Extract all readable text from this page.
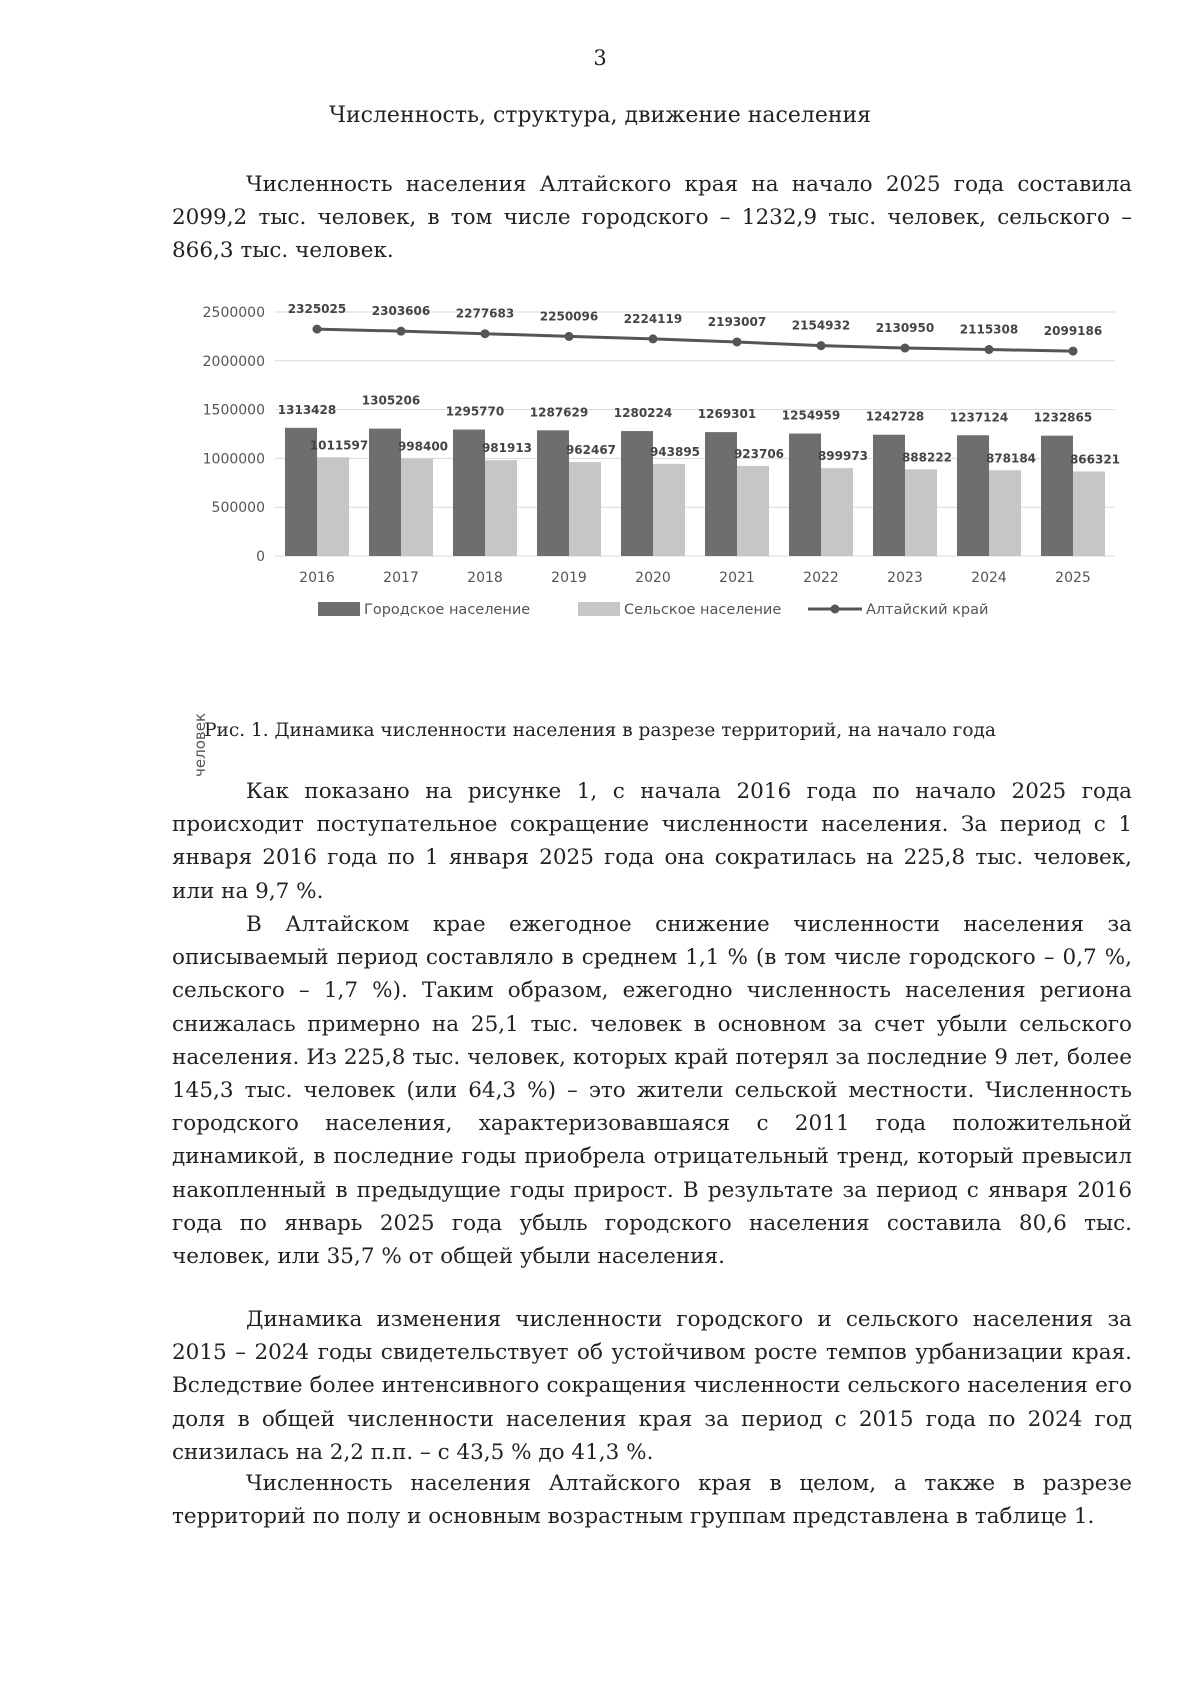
3
Численность, структура, движение населения

Численность населения Алтайского края на начало 2025 года составила 2099,2 тыс. человек, в том числе городского – 1232,9 тыс. человек, сельского – 866,3 тыс. человек.

0
500000
1000000
1500000
2000000
2500000
человек
1313428
1011597
2325025
1305206
998400
2303606
1295770
981913
2277683
1287629
962467
2250096
1280224
943895
2224119
1269301
923706
2193007
1254959
899973
2154932
1242728
888222
2130950
1237124
878184
2115308
1232865
866321
2099186
2016	2017	2018	2019	2020	2021	2022	2023	2024	2025
Городское население	Сельское население	Алтайский край
Рис. 1. Динамика численности населения в разрезе территорий, на начало года

Как показано на рисунке 1, с начала 2016 года по начало 2025 года происходит поступательное сокращение численности населения. За период с 1 января 2016 года по 1 января 2025 года она сократилась на 225,8 тыс. человек, или на 9,7 %.

В Алтайском крае ежегодное снижение численности населения за описываемый период составляло в среднем 1,1 % (в том числе городского – 0,7 %, сельского – 1,7 %). Таким образом, ежегодно численность населения региона снижалась примерно на 25,1 тыс. человек в основном за счет убыли сельского населения. Из 225,8 тыс. человек, которых край потерял за последние 9 лет, более 145,3 тыс. человек (или 64,3 %) – это жители сельской местности. Численность городского населения, характеризовавшаяся с 2011 года положительной динамикой, в последние годы приобрела отрицательный тренд, который превысил накопленный в предыдущие годы прирост. В результате за период с января 2016 года по январь 2025 года убыль городского населения составила 80,6 тыс. человек, или 35,7 % от общей убыли населения.

Динамика изменения численности городского и сельского населения за 2015 – 2024 годы свидетельствует об устойчивом росте темпов урбанизации края. Вследствие более интенсивного сокращения численности сельского населения его доля в общей численности населения края за период с 2015 года по 2024 год снизилась на 2,2 п.п. – с 43,5 % до 41,3 %.

Численность населения Алтайского края в целом, а также в разрезе территорий по полу и основным возрастным группам представлена в таблице 1.
